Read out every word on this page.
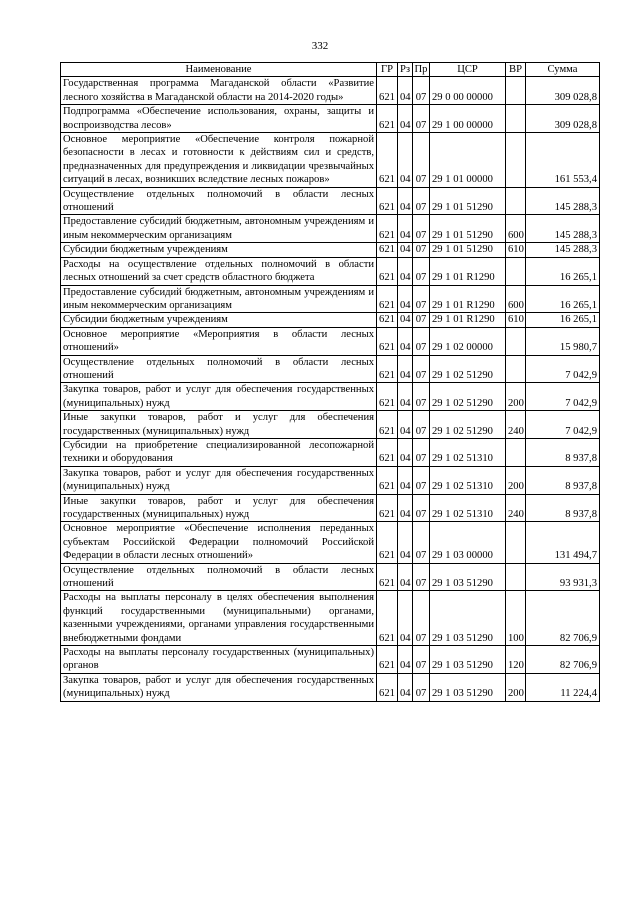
332
Наименование	ГР	Рз	Пр	ЦСР	ВР	Сумма
Государственная программа Магаданской области «Развитие лесного хозяйства в Магаданской области на 2014-2020 годы»	621	04	07	29 0 00 00000		309 028,8
Подпрограмма «Обеспечение использования, охраны, защиты и воспроизводства лесов»	621	04	07	29 1 00 00000		309 028,8
Основное мероприятие «Обеспечение контроля пожарной безопасности в лесах и готовности к действиям сил и средств, предназначенных для предупреждения и ликвидации чрезвычайных ситуаций в лесах, возникших вследствие лесных пожаров»	621	04	07	29 1 01 00000		161 553,4
Осуществление отдельных полномочий в области лесных отношений	621	04	07	29 1 01 51290		145 288,3
Предоставление субсидий бюджетным, автономным учреждениям и иным некоммерческим организациям	621	04	07	29 1 01 51290	600	145 288,3
Субсидии бюджетным учреждениям	621	04	07	29 1 01 51290	610	145 288,3
Расходы на осуществление отдельных полномочий в области лесных отношений за счет средств областного бюджета	621	04	07	29 1 01 R1290		16 265,1
Предоставление субсидий бюджетным, автономным учреждениям и иным некоммерческим организациям	621	04	07	29 1 01 R1290	600	16 265,1
Субсидии бюджетным учреждениям	621	04	07	29 1 01 R1290	610	16 265,1
Основное мероприятие «Мероприятия в области лесных отношений»	621	04	07	29 1 02 00000		15 980,7
Осуществление отдельных полномочий в области лесных отношений	621	04	07	29 1 02 51290		7 042,9
Закупка товаров, работ и услуг для обеспечения государственных (муниципальных) нужд	621	04	07	29 1 02 51290	200	7 042,9
Иные закупки товаров, работ и услуг для обеспечения государственных (муниципальных) нужд	621	04	07	29 1 02 51290	240	7 042,9
Субсидии на приобретение специализированной лесопожарной техники и оборудования	621	04	07	29 1 02 51310		8 937,8
Закупка товаров, работ и услуг для обеспечения государственных (муниципальных) нужд	621	04	07	29 1 02 51310	200	8 937,8
Иные закупки товаров, работ и услуг для обеспечения государственных (муниципальных) нужд	621	04	07	29 1 02 51310	240	8 937,8
Основное мероприятие «Обеспечение исполнения переданных субъектам Российской Федерации полномочий Российской Федерации в области лесных отношений»	621	04	07	29 1 03 00000		131 494,7
Осуществление отдельных полномочий в области лесных отношений	621	04	07	29 1 03 51290		93 931,3
Расходы на выплаты персоналу в целях обеспечения выполнения функций государственными (муниципальными) органами, казенными учреждениями, органами управления государственными внебюджетными фондами	621	04	07	29 1 03 51290	100	82 706,9
Расходы на выплаты персоналу государственных (муниципальных) органов	621	04	07	29 1 03 51290	120	82 706,9
Закупка товаров, работ и услуг для обеспечения государственных (муниципальных) нужд	621	04	07	29 1 03 51290	200	11 224,4
